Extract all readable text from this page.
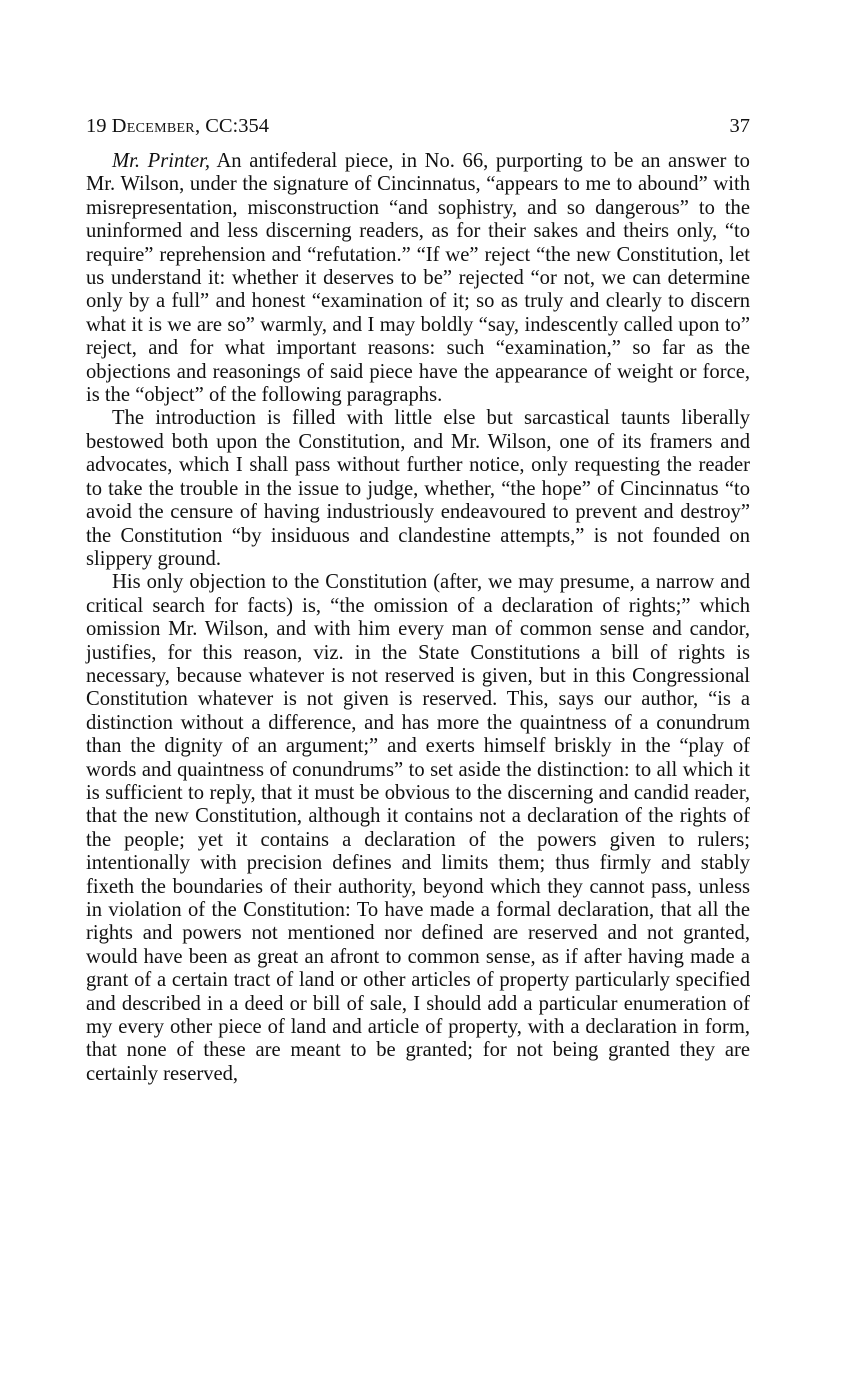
19 December, CC:354	37

Mr. Printer, An antifederal piece, in No. 66, purporting to be an answer to Mr. Wilson, under the signature of Cincinnatus, “appears to me to abound” with misrepresentation, misconstruction “and sophistry, and so dangerous” to the uninformed and less discerning readers, as for their sakes and theirs only, “to require” reprehension and “refutation.” “If we” reject “the new Constitution, let us understand it: whether it deserves to be” rejected “or not, we can determine only by a full” and honest “examination of it; so as truly and clearly to discern what it is we are so” warmly, and I may boldly “say, indescently called upon to” reject, and for what important reasons: such “examination,” so far as the objections and reasonings of said piece have the appearance of weight or force, is the “object” of the following paragraphs.

The introduction is filled with little else but sarcastical taunts liberally bestowed both upon the Constitution, and Mr. Wilson, one of its framers and advocates, which I shall pass without further notice, only requesting the reader to take the trouble in the issue to judge, whether, “the hope” of Cincinnatus “to avoid the censure of having industriously endeavoured to prevent and destroy” the Constitution “by insiduous and clandestine attempts,” is not founded on slippery ground.

His only objection to the Constitution (after, we may presume, a narrow and critical search for facts) is, “the omission of a declaration of rights;” which omission Mr. Wilson, and with him every man of common sense and candor, justifies, for this reason, viz. in the State Constitutions a bill of rights is necessary, because whatever is not reserved is given, but in this Congressional Constitution whatever is not given is reserved. This, says our author, “is a distinction without a difference, and has more the quaintness of a conundrum than the dignity of an argument;” and exerts himself briskly in the “play of words and quaintness of conundrums” to set aside the distinction: to all which it is sufficient to reply, that it must be obvious to the discerning and candid reader, that the new Constitution, although it contains not a declaration of the rights of the people; yet it contains a declaration of the powers given to rulers; intentionally with precision defines and limits them; thus firmly and stably fixeth the boundaries of their authority, beyond which they cannot pass, unless in violation of the Constitution: To have made a formal declaration, that all the rights and powers not mentioned nor defined are reserved and not granted, would have been as great an afront to common sense, as if after having made a grant of a certain tract of land or other articles of property particularly specified and described in a deed or bill of sale, I should add a particular enumeration of my every other piece of land and article of property, with a declaration in form, that none of these are meant to be granted; for not being granted they are certainly reserved,
